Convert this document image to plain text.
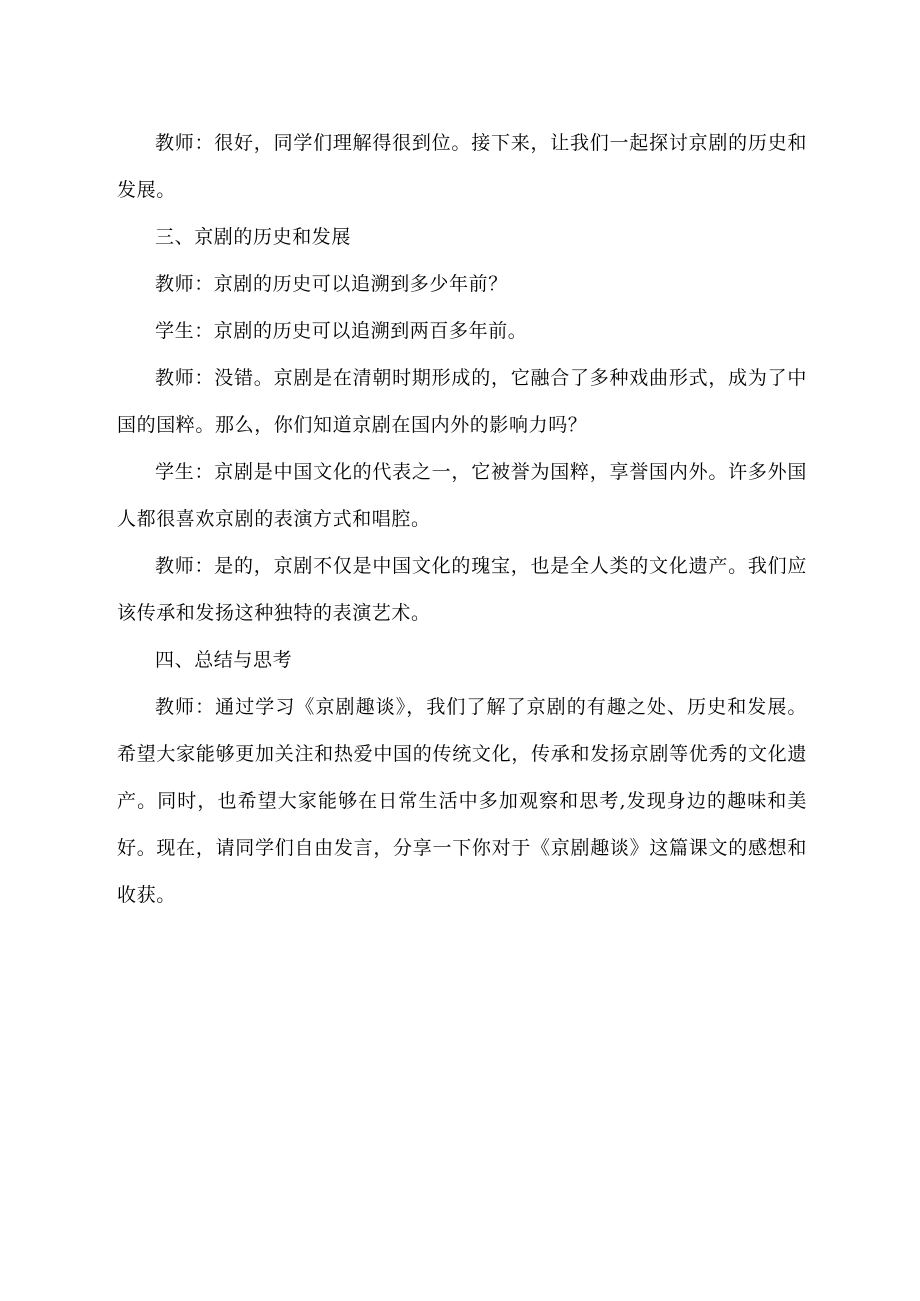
教师：很好，同学们理解得很到位。接下来，让我们一起探讨京剧的历史和发展。

三、京剧的历史和发展

教师：京剧的历史可以追溯到多少年前？

学生：京剧的历史可以追溯到两百多年前。

教师：没错。京剧是在清朝时期形成的，它融合了多种戏曲形式，成为了中国的国粹。那么，你们知道京剧在国内外的影响力吗？

学生：京剧是中国文化的代表之一，它被誉为国粹，享誉国内外。许多外国人都很喜欢京剧的表演方式和唱腔。

教师：是的，京剧不仅是中国文化的瑰宝，也是全人类的文化遗产。我们应该传承和发扬这种独特的表演艺术。

四、总结与思考

教师：通过学习《京剧趣谈》，我们了解了京剧的有趣之处、历史和发展。希望大家能够更加关注和热爱中国的传统文化，传承和发扬京剧等优秀的文化遗产。同时，也希望大家能够在日常生活中多加观察和思考,发现身边的趣味和美好。现在，请同学们自由发言，分享一下你对于《京剧趣谈》这篇课文的感想和收获。
